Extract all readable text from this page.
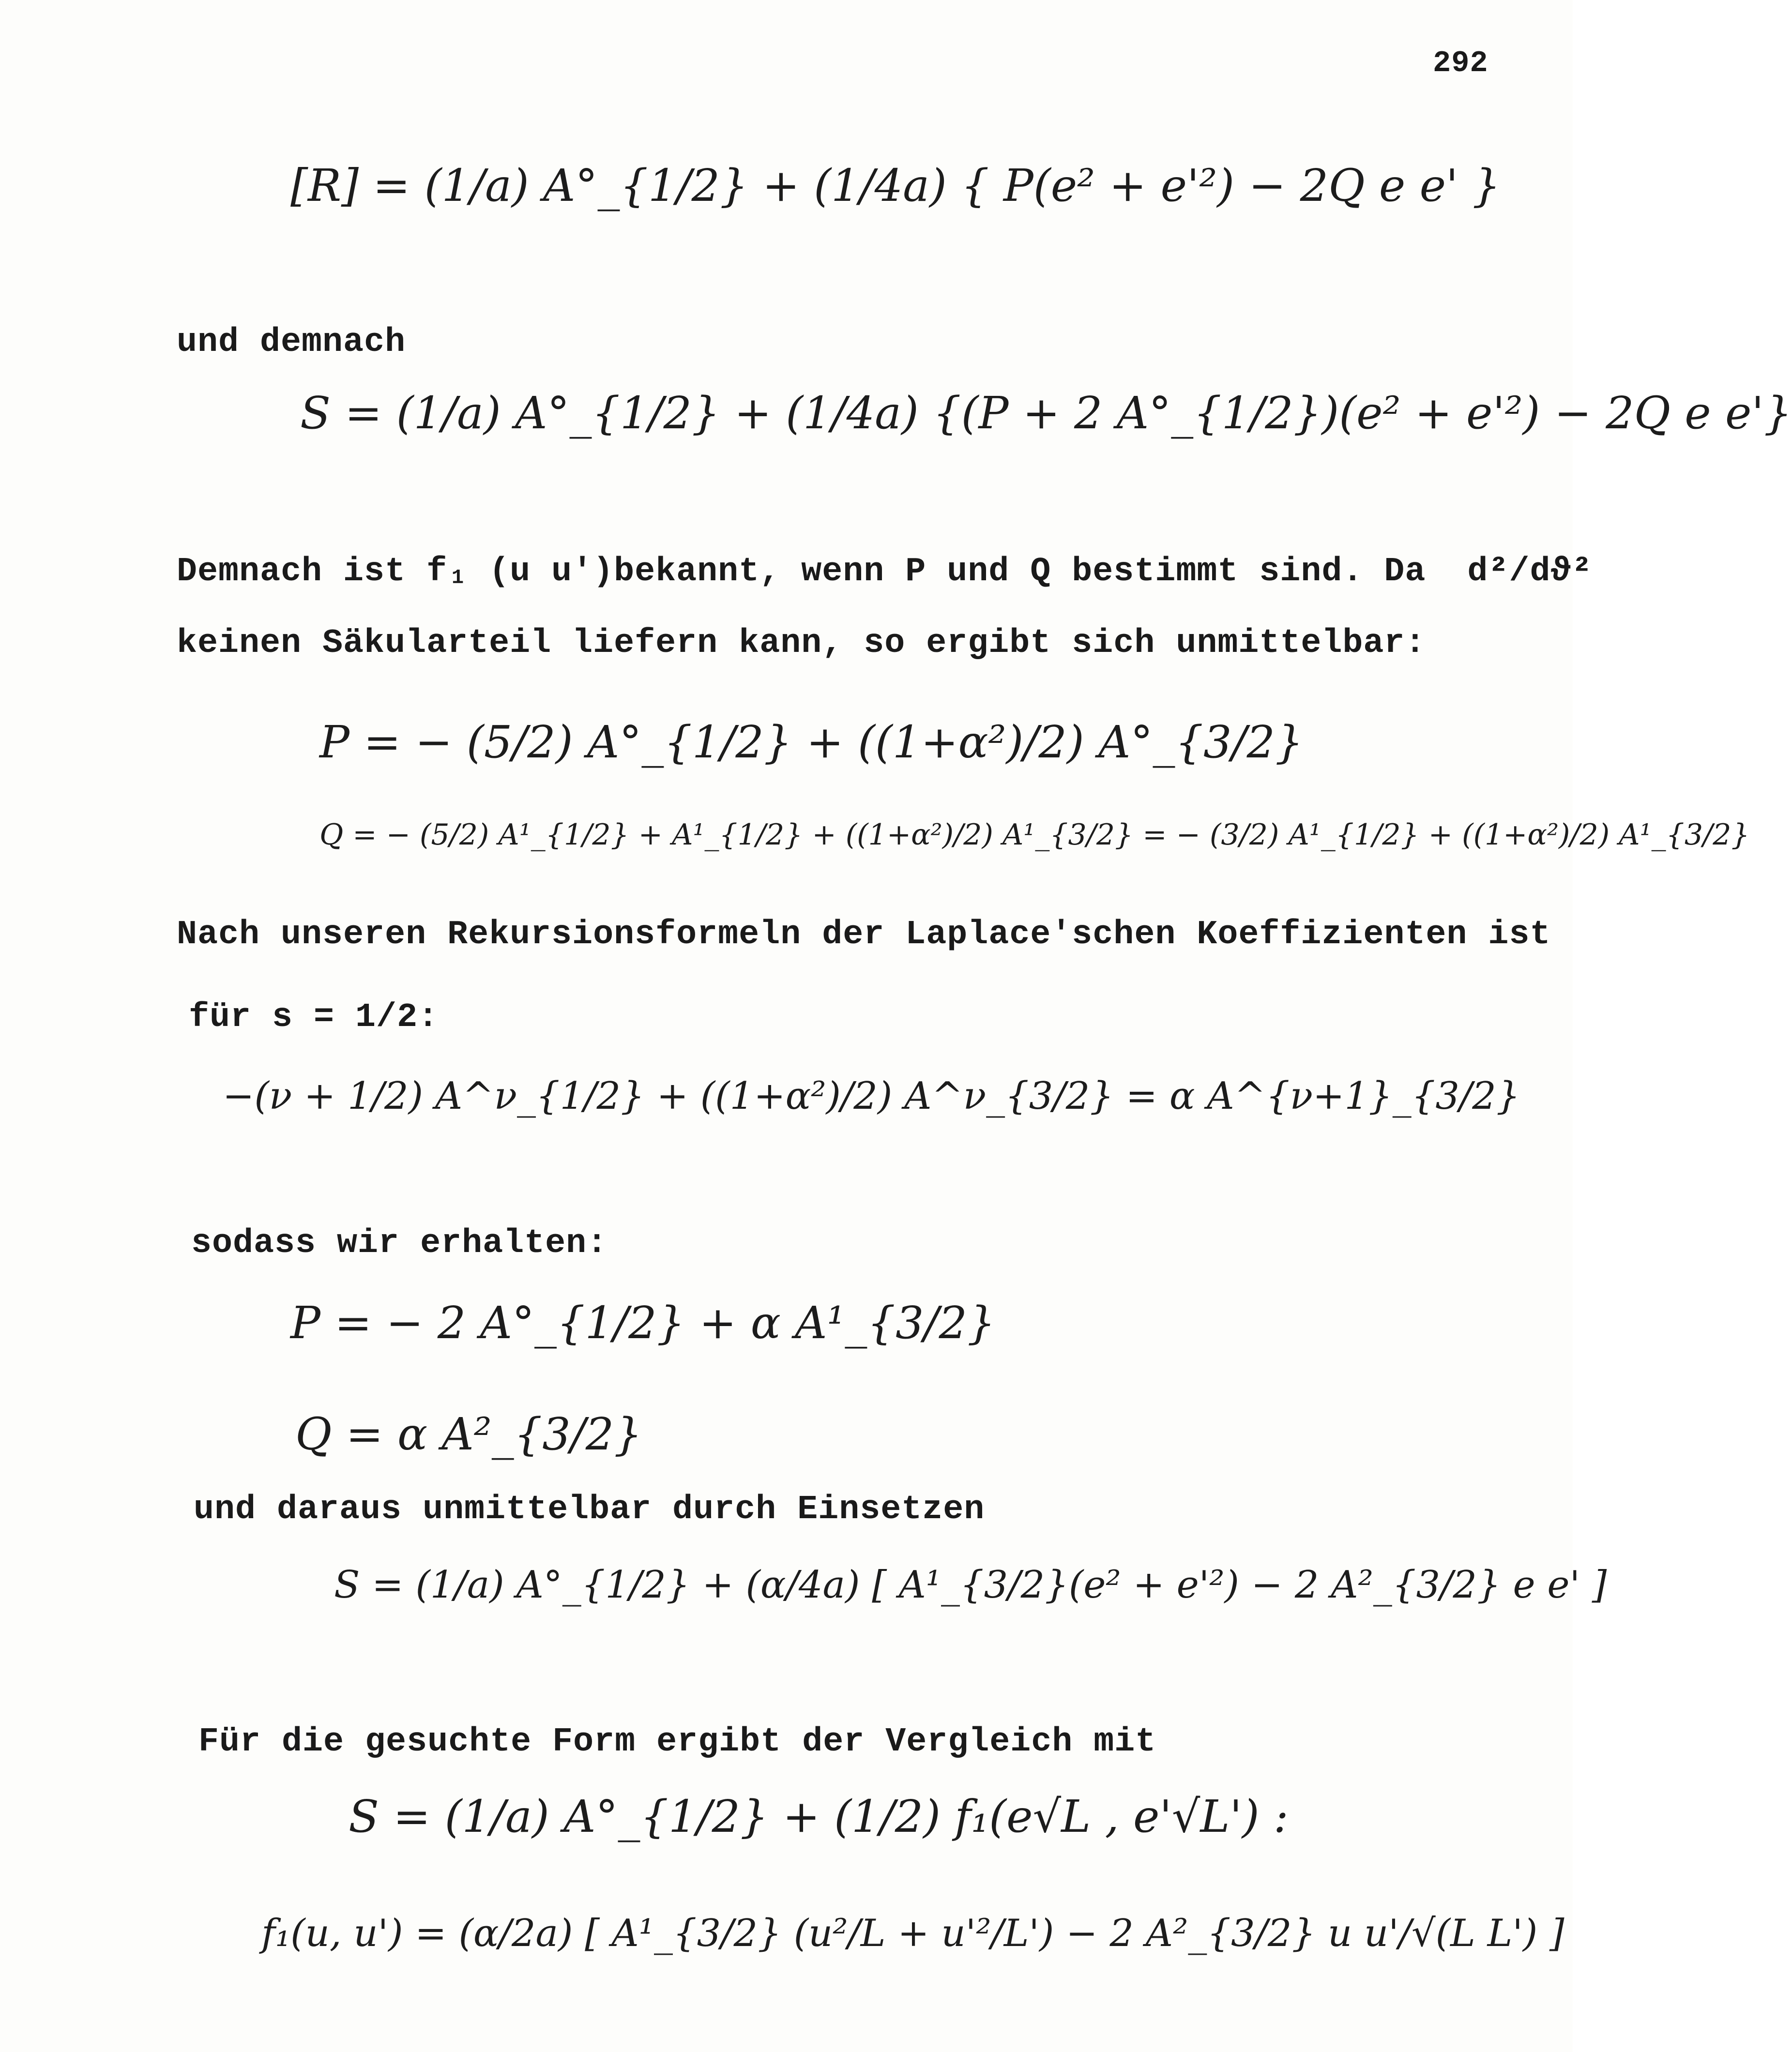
292
[R] = (1/a) A°_{1/2} + (1/4a) { P(e² + e'²) − 2Q e e' }
und demnach
S = (1/a) A°_{1/2} + (1/4a) {(P + 2 A°_{1/2})(e² + e'²) − 2Q e e'}
Demnach ist f₁ (u u')bekannt, wenn P und Q bestimmt sind. Da  d²/dϑ²
keinen Säkularteil liefern kann, so ergibt sich unmittelbar:
P = − (5/2) A°_{1/2} + ((1+α²)/2) A°_{3/2}
Q = − (5/2) A¹_{1/2} + A¹_{1/2} + ((1+α²)/2) A¹_{3/2} = − (3/2) A¹_{1/2} + ((1+α²)/2) A¹_{3/2}
Nach unseren Rekursionsformeln der Laplace'schen Koeffizienten ist
für s = 1/2:
−(ν + 1/2) A^ν_{1/2} + ((1+α²)/2) A^ν_{3/2} = α A^{ν+1}_{3/2}
sodass wir erhalten:
P = − 2 A°_{1/2} + α A¹_{3/2}
Q = α A²_{3/2}
und daraus unmittelbar durch Einsetzen
S = (1/a) A°_{1/2} + (α/4a) [ A¹_{3/2}(e² + e'²) − 2 A²_{3/2} e e' ]
Für die gesuchte Form ergibt der Vergleich mit
S = (1/a) A°_{1/2} + (1/2) f₁(e√L , e'√L') :
f₁(u, u') = (α/2a) [ A¹_{3/2} (u²/L + u'²/L') − 2 A²_{3/2} u u'/√(L L') ]
